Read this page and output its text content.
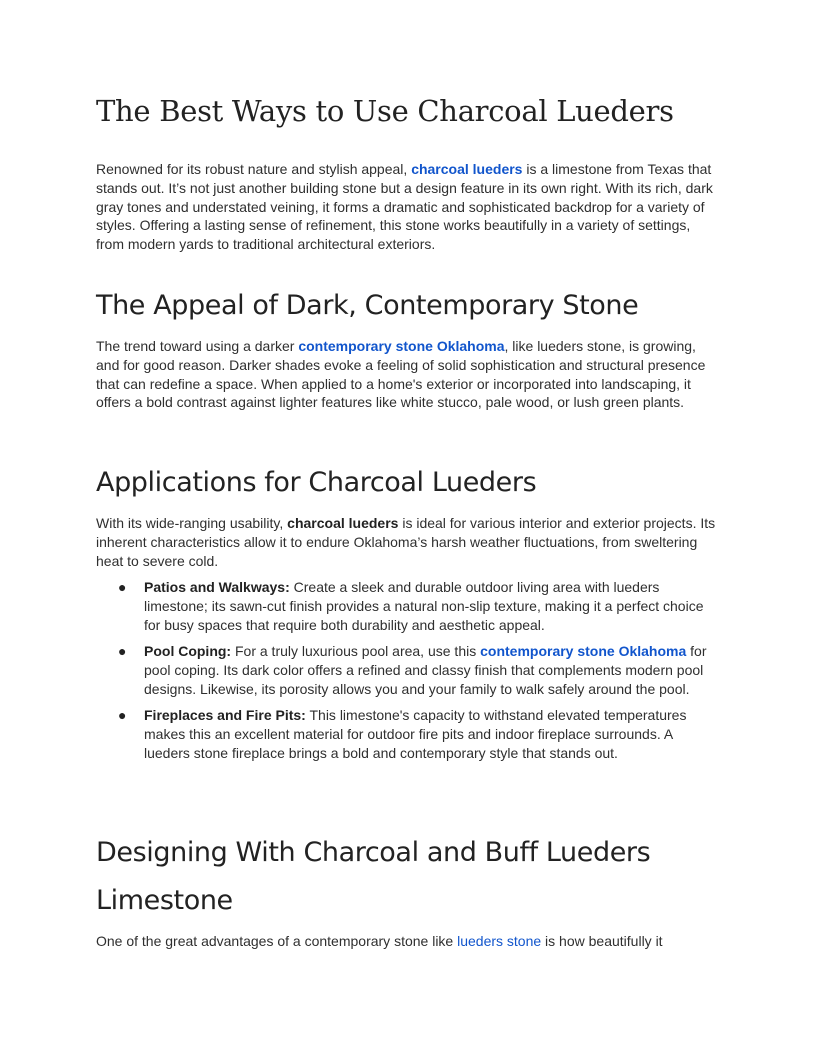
The Best Ways to Use Charcoal Lueders

Renowned for its robust nature and stylish appeal, charcoal lueders is a limestone from Texas that stands out. It’s not just another building stone but a design feature in its own right. With its rich, dark gray tones and understated veining, it forms a dramatic and sophisticated backdrop for a variety of styles. Offering a lasting sense of refinement, this stone works beautifully in a variety of settings, from modern yards to traditional architectural exteriors.

The Appeal of Dark, Contemporary Stone

The trend toward using a darker contemporary stone Oklahoma, like lueders stone, is growing, and for good reason. Darker shades evoke a feeling of solid sophistication and structural presence that can redefine a space. When applied to a home's exterior or incorporated into landscaping, it offers a bold contrast against lighter features like white stucco, pale wood, or lush green plants.

Applications for Charcoal Lueders

With its wide-ranging usability, charcoal lueders is ideal for various interior and exterior projects. Its inherent characteristics allow it to endure Oklahoma’s harsh weather fluctuations, from sweltering heat to severe cold.

● Patios and Walkways: Create a sleek and durable outdoor living area with lueders limestone; its sawn-cut finish provides a natural non-slip texture, making it a perfect choice for busy spaces that require both durability and aesthetic appeal.
● Pool Coping: For a truly luxurious pool area, use this contemporary stone Oklahoma for pool coping. Its dark color offers a refined and classy finish that complements modern pool designs. Likewise, its porosity allows you and your family to walk safely around the pool.
● Fireplaces and Fire Pits: This limestone's capacity to withstand elevated temperatures makes this an excellent material for outdoor fire pits and indoor fireplace surrounds. A lueders stone fireplace brings a bold and contemporary style that stands out.
Designing With Charcoal and Buff Lueders
Limestone

One of the great advantages of a contemporary stone like lueders stone is how beautifully it
